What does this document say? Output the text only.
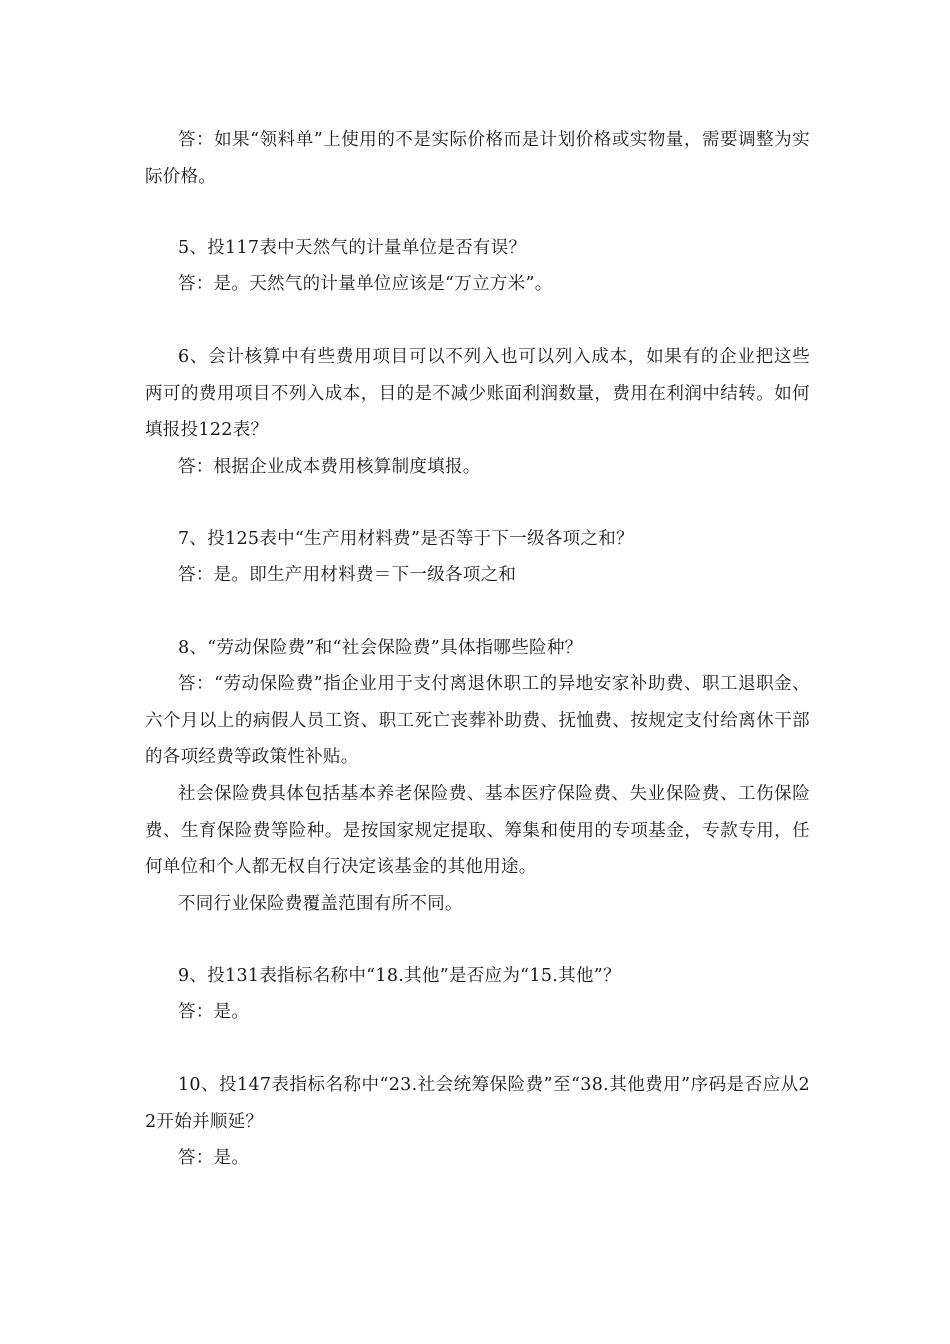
答：如果“领料单”上使用的不是实际价格而是计划价格或实物量，需要调整为实际价格。

5、投117表中天然气的计量单位是否有误？

答：是。天然气的计量单位应该是“万立方米”。

6、会计核算中有些费用项目可以不列入也可以列入成本，如果有的企业把这些两可的费用项目不列入成本，目的是不减少账面利润数量，费用在利润中结转。如何填报投122表？

答：根据企业成本费用核算制度填报。

7、投125表中“生产用材料费”是否等于下一级各项之和？

答：是。即生产用材料费＝下一级各项之和

8、“劳动保险费”和“社会保险费”具体指哪些险种？

答：“劳动保险费”指企业用于支付离退休职工的异地安家补助费、职工退职金、六个月以上的病假人员工资、职工死亡丧葬补助费、抚恤费、按规定支付给离休干部的各项经费等政策性补贴。

社会保险费具体包括基本养老保险费、基本医疗保险费、失业保险费、工伤保险费、生育保险费等险种。是按国家规定提取、筹集和使用的专项基金，专款专用，任何单位和个人都无权自行决定该基金的其他用途。

不同行业保险费覆盖范围有所不同。

9、投131表指标名称中“18.其他”是否应为“15.其他”？

答：是。

10、投147表指标名称中“23.社会统筹保险费”至“38.其他费用”序码是否应从22开始并顺延？

答：是。
